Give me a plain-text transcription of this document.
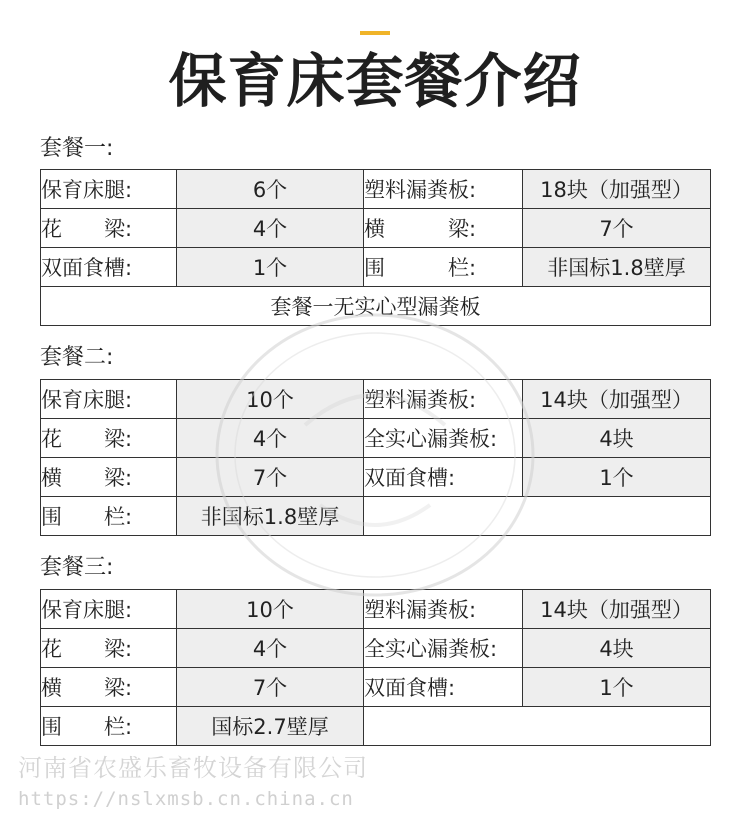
保育床套餐介绍
套餐一:
保育床腿:	6个	塑料漏粪板:	18块（加强型）
花　　梁:	4个	横　　　梁:	7个
双面食槽:	1个	围　　　栏:	非国标1.8壁厚
套餐一无实心型漏粪板			
套餐二:
保育床腿:	10个	塑料漏粪板:	14块（加强型）
花　　梁:	4个	全实心漏粪板:	4块
横　　梁:	7个	双面食槽:	1个
围　　栏:	非国标1.8壁厚		
套餐三:
保育床腿:	10个	塑料漏粪板:	14块（加强型）
花　　梁:	4个	全实心漏粪板:	4块
横　　梁:	7个	双面食槽:	1个
围　　栏:	国标2.7壁厚		
河南省农盛乐畜牧设备有限公司
https://nslxmsb.cn.china.cn
